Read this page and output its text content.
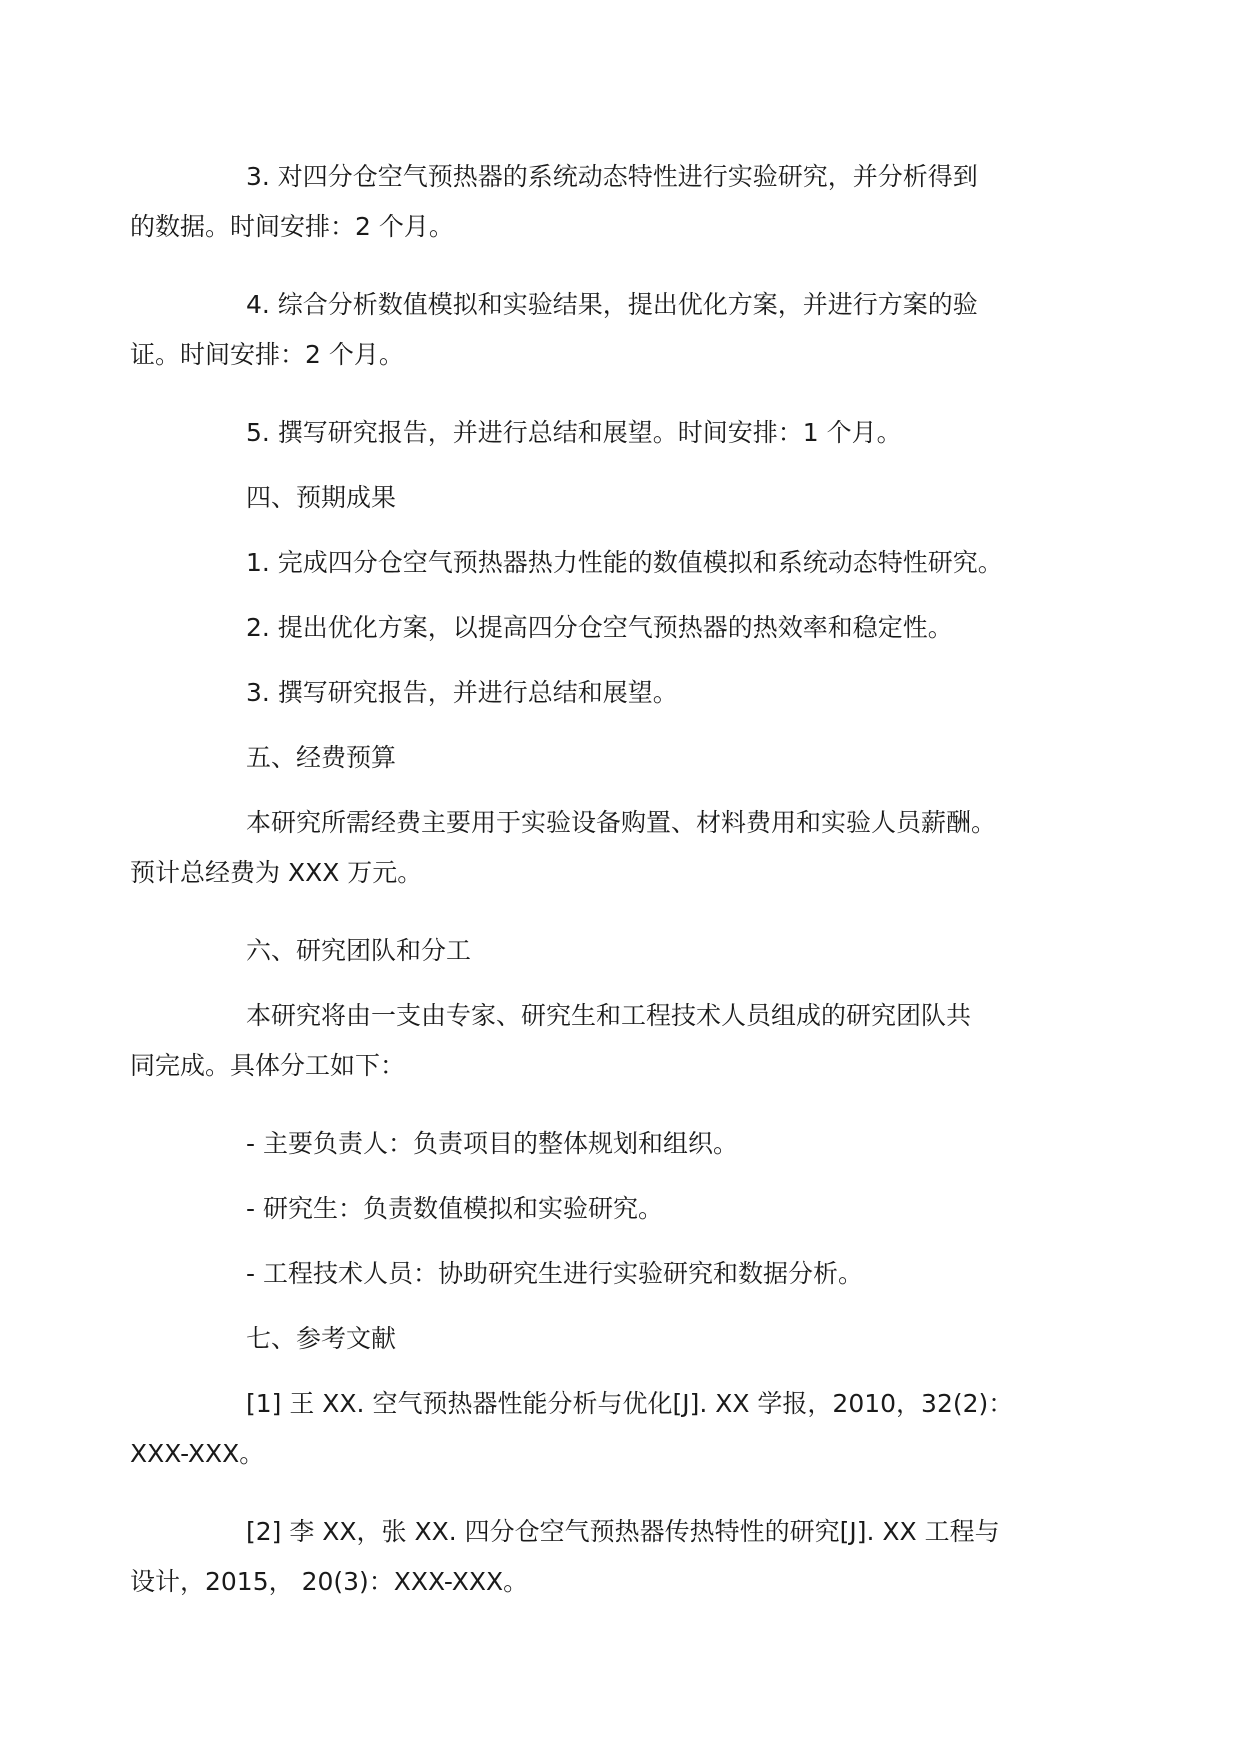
3. 对四分仓空气预热器的系统动态特性进行实验研究，并分析得到
的数据。时间安排：2 个月。

4. 综合分析数值模拟和实验结果，提出优化方案，并进行方案的验
证。时间安排：2 个月。

5. 撰写研究报告，并进行总结和展望。时间安排：1 个月。

四、预期成果

1. 完成四分仓空气预热器热力性能的数值模拟和系统动态特性研究。

2. 提出优化方案，以提高四分仓空气预热器的热效率和稳定性。

3. 撰写研究报告，并进行总结和展望。

五、经费预算

本研究所需经费主要用于实验设备购置、材料费用和实验人员薪酬。
预计总经费为 XXX 万元。

六、研究团队和分工

本研究将由一支由专家、研究生和工程技术人员组成的研究团队共
同完成。具体分工如下：

- 主要负责人：负责项目的整体规划和组织。

- 研究生：负责数值模拟和实验研究。

- 工程技术人员：协助研究生进行实验研究和数据分析。

七、参考文献

[1] 王 XX. 空气预热器性能分析与优化[J]. XX 学报，2010，32(2)：
XXX-XXX。

[2] 李 XX，张 XX. 四分仓空气预热器传热特性的研究[J]. XX 工程与
设计，2015， 20(3)：XXX-XXX。
